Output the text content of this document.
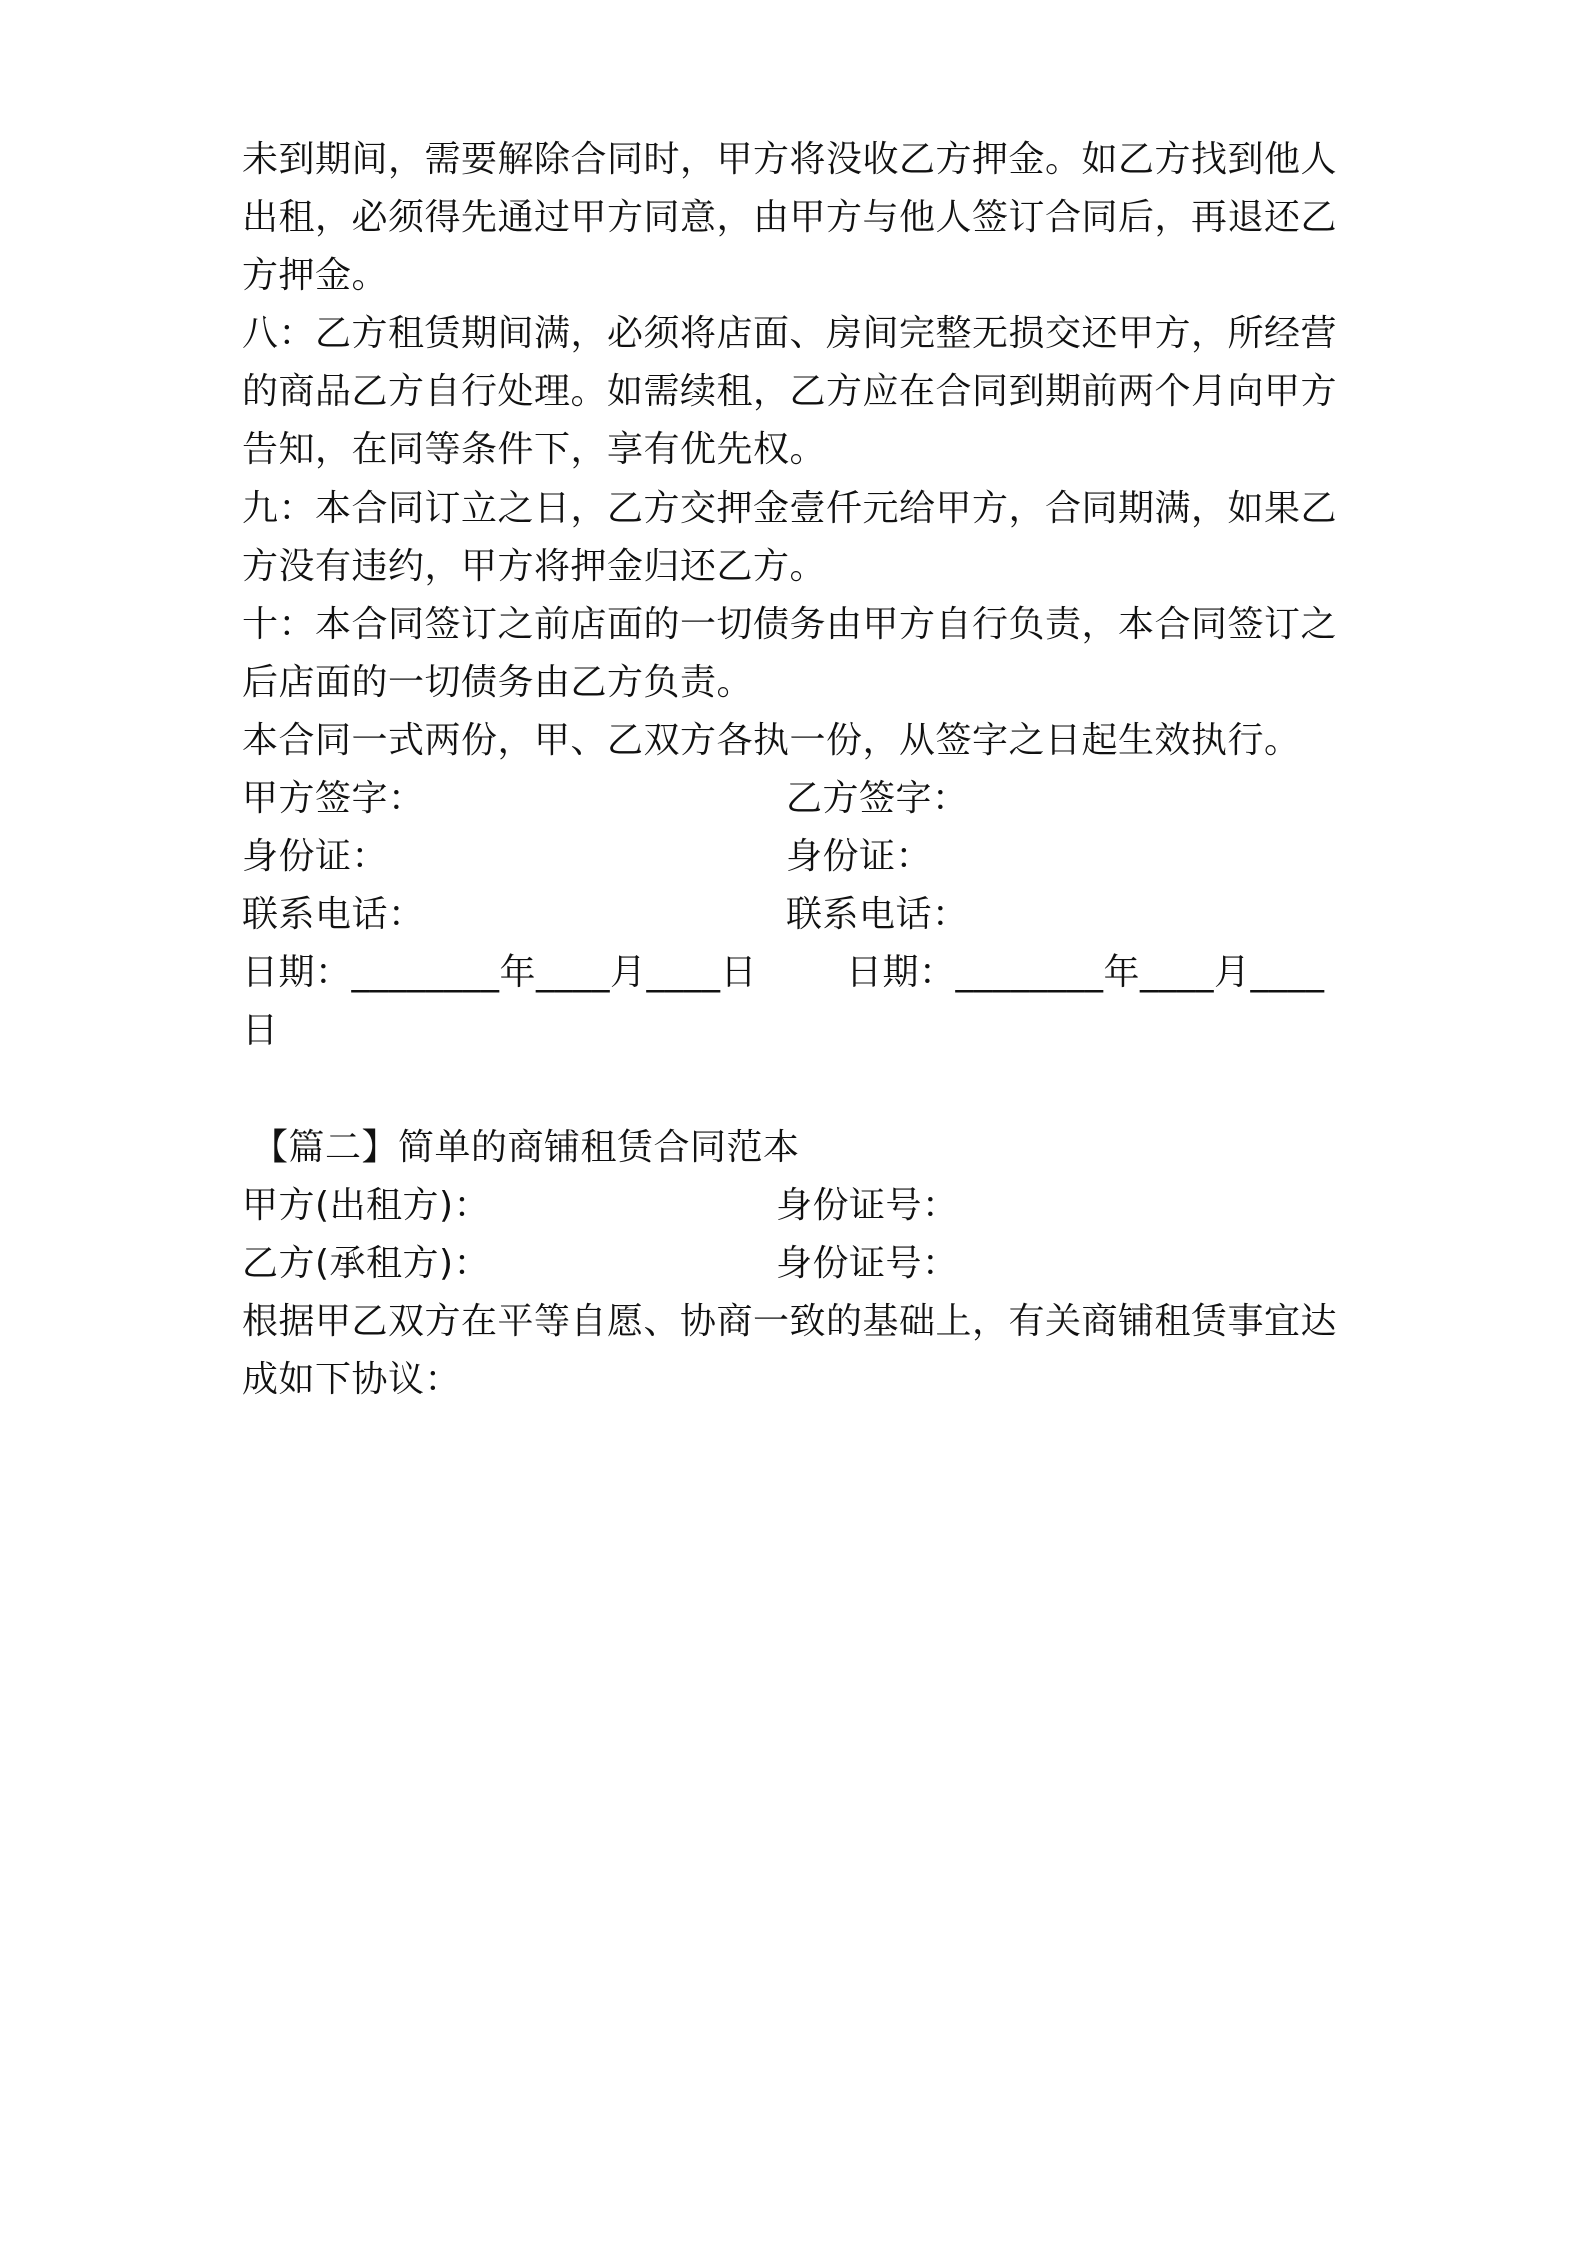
未到期间，需要解除合同时，甲方将没收乙方押金。如乙方找到他人
出租，必须得先通过甲方同意，由甲方与他人签订合同后，再退还乙
方押金。
八：乙方租赁期间满，必须将店面、房间完整无损交还甲方，所经营
的商品乙方自行处理。如需续租，乙方应在合同到期前两个月向甲方
告知，在同等条件下，享有优先权。
九：本合同订立之日，乙方交押金壹仟元给甲方，合同期满，如果乙
方没有违约，甲方将押金归还乙方。
十：本合同签订之前店面的一切债务由甲方自行负责，本合同签订之
后店面的一切债务由乙方负责。
本合同一式两份，甲、乙双方各执一份，从签字之日起生效执行。
甲方签字：	乙方签字：
身份证：	身份证：
联系电话：	联系电话：
日期：________年____月____日 日期：________年____月____
日
【篇二】简单的商铺租赁合同范本
甲方(出租方)：	身份证号：
乙方(承租方)：	身份证号：
根据甲乙双方在平等自愿、协商一致的基础上，有关商铺租赁事宜达
成如下协议：
